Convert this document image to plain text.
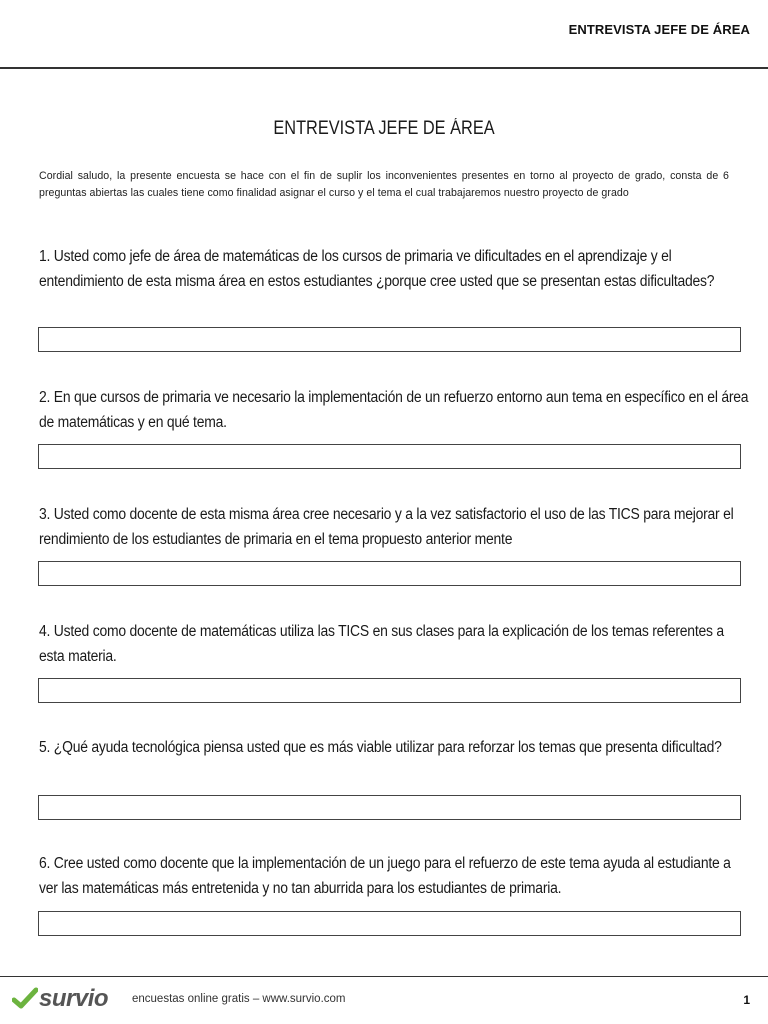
ENTREVISTA JEFE DE ÁREA
ENTREVISTA JEFE DE ÁREA
Cordial saludo, la presente encuesta se hace con el fin de suplir los inconvenientes presentes en torno al proyecto de grado, consta de 6 preguntas abiertas las cuales tiene como finalidad asignar el curso y el tema el cual trabajaremos nuestro proyecto de grado
1. Usted como jefe de área de matemáticas de los cursos de primaria ve dificultades en el aprendizaje y el entendimiento de esta misma área en estos estudiantes ¿porque cree usted que se presentan estas dificultades?
2. En que cursos de primaria ve necesario la implementación de un refuerzo entorno aun tema en específico en el área de matemáticas y en qué tema.
3. Usted como docente de esta misma área cree necesario y a la vez satisfactorio el uso de las TICS para mejorar el rendimiento de los estudiantes de primaria en el tema propuesto anterior mente
4. Usted como docente de matemáticas utiliza las TICS en sus clases para la explicación de los temas referentes a esta materia.
5. ¿Qué ayuda tecnológica piensa usted que es más viable utilizar para reforzar los temas que presenta dificultad?
6. Cree usted como docente que la implementación de un juego para el refuerzo de este tema ayuda al estudiante a ver las matemáticas más entretenida y no tan aburrida para los estudiantes de primaria.
survio encuestas online gratis – www.survio.com	1
